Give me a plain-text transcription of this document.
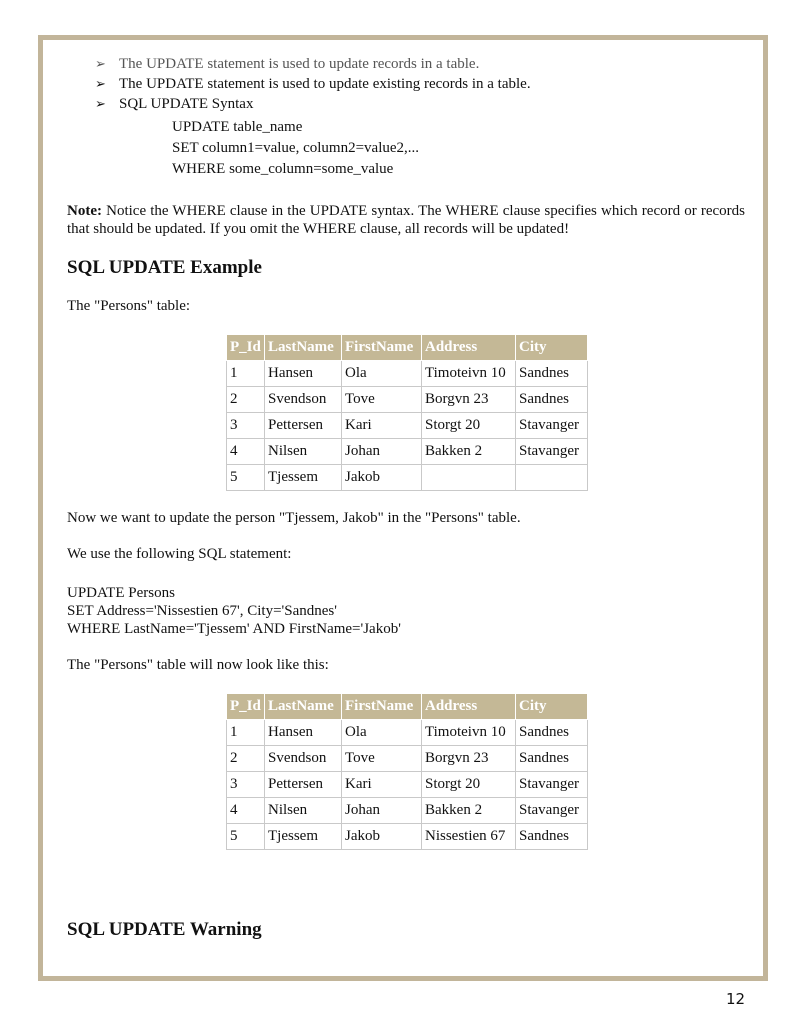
➢ The UPDATE statement is used to update records in a table.
➢ The UPDATE statement is used to update existing records in a table.
➢ SQL UPDATE Syntax
UPDATE table_name
SET column1=value, column2=value2,...
WHERE some_column=some_value

Note: Notice the WHERE clause in the UPDATE syntax. The WHERE clause specifies which record or records that should be updated. If you omit the WHERE clause, all records will be updated!

SQL UPDATE Example

The "Persons" table:

P_Id	LastName	FirstName	Address	City
1	Hansen	Ola	Timoteivn 10	Sandnes
2	Svendson	Tove	Borgvn 23	Sandnes
3	Pettersen	Kari	Storgt 20	Stavanger
4	Nilsen	Johan	Bakken 2	Stavanger
5	Tjessem	Jakob		

Now we want to update the person "Tjessem, Jakob" in the "Persons" table.

We use the following SQL statement:

UPDATE Persons
SET Address='Nissestien 67', City='Sandnes'
WHERE LastName='Tjessem' AND FirstName='Jakob'

The "Persons" table will now look like this:

P_Id	LastName	FirstName	Address	City
1	Hansen	Ola	Timoteivn 10	Sandnes
2	Svendson	Tove	Borgvn 23	Sandnes
3	Pettersen	Kari	Storgt 20	Stavanger
4	Nilsen	Johan	Bakken 2	Stavanger
5	Tjessem	Jakob	Nissestien 67	Sandnes
SQL UPDATE Warning
12
